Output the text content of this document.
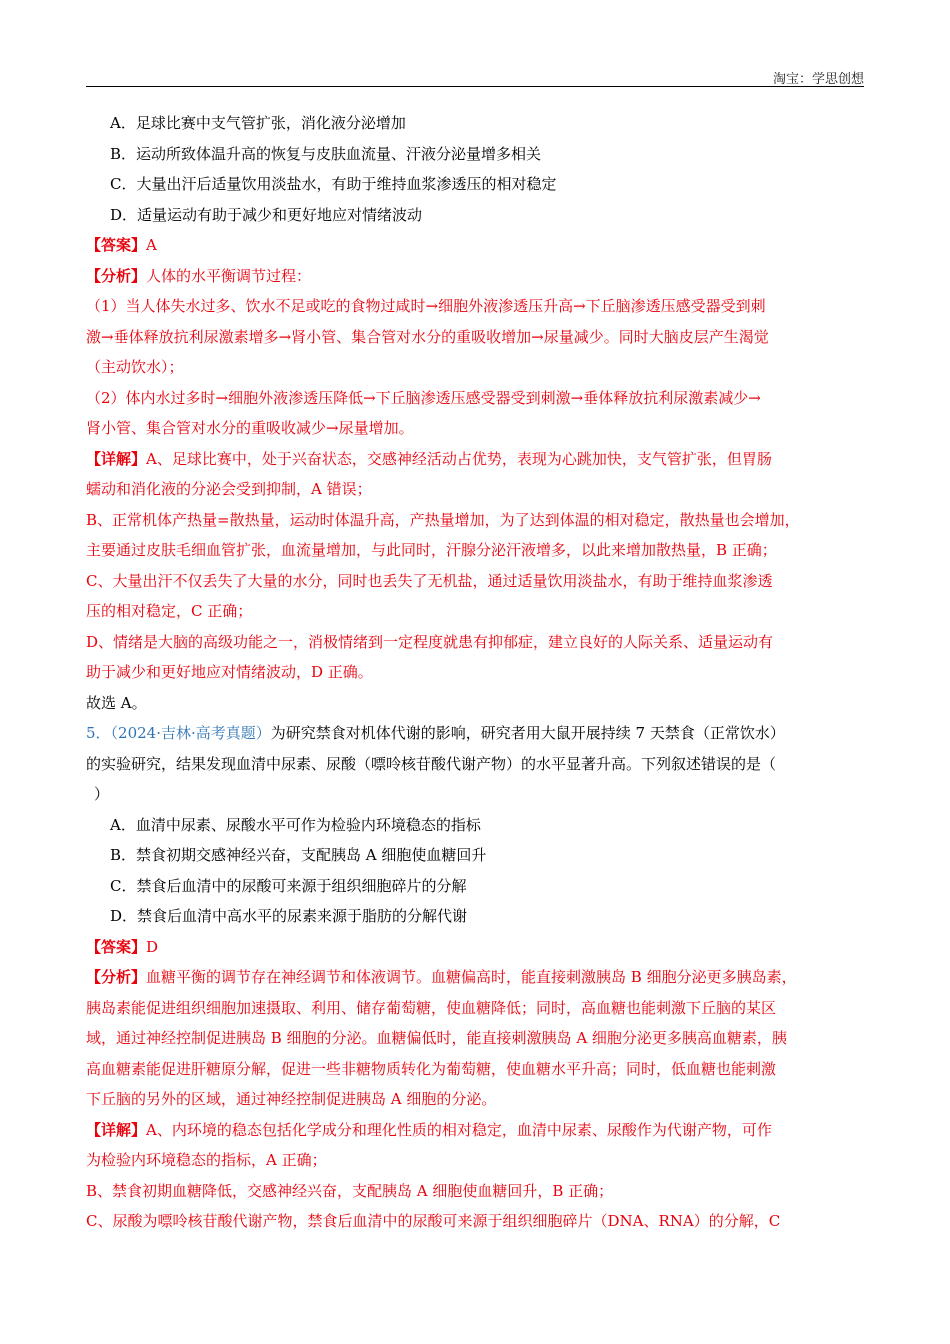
淘宝：学思创想
A．足球比赛中支气管扩张，消化液分泌增加
B．运动所致体温升高的恢复与皮肤血流量、汗液分泌量增多相关
C．大量出汗后适量饮用淡盐水，有助于维持血浆渗透压的相对稳定
D．适量运动有助于减少和更好地应对情绪波动
【答案】A
【分析】人体的水平衡调节过程：
（1）当人体失水过多、饮水不足或吃的食物过咸时→细胞外液渗透压升高→下丘脑渗透压感受器受到刺
激→垂体释放抗利尿激素增多→肾小管、集合管对水分的重吸收增加→尿量减少。同时大脑皮层产生渴觉
（主动饮水）；
（2）体内水过多时→细胞外液渗透压降低→下丘脑渗透压感受器受到刺激→垂体释放抗利尿激素减少→
肾小管、集合管对水分的重吸收减少→尿量增加。
【详解】A、足球比赛中，处于兴奋状态，交感神经活动占优势，表现为心跳加快，支气管扩张，但胃肠
蠕动和消化液的分泌会受到抑制，A 错误；
B、正常机体产热量=散热量，运动时体温升高，产热量增加，为了达到体温的相对稳定，散热量也会增加，
主要通过皮肤毛细血管扩张，血流量增加，与此同时，汗腺分泌汗液增多，以此来增加散热量，B 正确；
C、大量出汗不仅丢失了大量的水分，同时也丢失了无机盐，通过适量饮用淡盐水，有助于维持血浆渗透
压的相对稳定，C 正确；
D、情绪是大脑的高级功能之一，消极情绪到一定程度就患有抑郁症，建立良好的人际关系、适量运动有
助于减少和更好地应对情绪波动，D 正确。
故选 A。
5．（2024·吉林·高考真题）为研究禁食对机体代谢的影响，研究者用大鼠开展持续 7 天禁食（正常饮水）
的实验研究，结果发现血清中尿素、尿酸（嘌呤核苷酸代谢产物）的水平显著升高。下列叙述错误的是（
）
A．血清中尿素、尿酸水平可作为检验内环境稳态的指标
B．禁食初期交感神经兴奋，支配胰岛 A 细胞使血糖回升
C．禁食后血清中的尿酸可来源于组织细胞碎片的分解
D．禁食后血清中高水平的尿素来源于脂肪的分解代谢
【答案】D
【分析】血糖平衡的调节存在神经调节和体液调节。血糖偏高时，能直接刺激胰岛 B 细胞分泌更多胰岛素，
胰岛素能促进组织细胞加速摄取、利用、储存葡萄糖，使血糖降低；同时，高血糖也能刺激下丘脑的某区
域，通过神经控制促进胰岛 B 细胞的分泌。血糖偏低时，能直接刺激胰岛 A 细胞分泌更多胰高血糖素，胰
高血糖素能促进肝糖原分解，促进一些非糖物质转化为葡萄糖，使血糖水平升高；同时，低血糖也能刺激
下丘脑的另外的区域，通过神经控制促进胰岛 A 细胞的分泌。
【详解】A、内环境的稳态包括化学成分和理化性质的相对稳定，血清中尿素、尿酸作为代谢产物，可作
为检验内环境稳态的指标，A 正确；
B、禁食初期血糖降低，交感神经兴奋，支配胰岛 A 细胞使血糖回升，B 正确；
C、尿酸为嘌呤核苷酸代谢产物，禁食后血清中的尿酸可来源于组织细胞碎片（DNA、RNA）的分解，C
